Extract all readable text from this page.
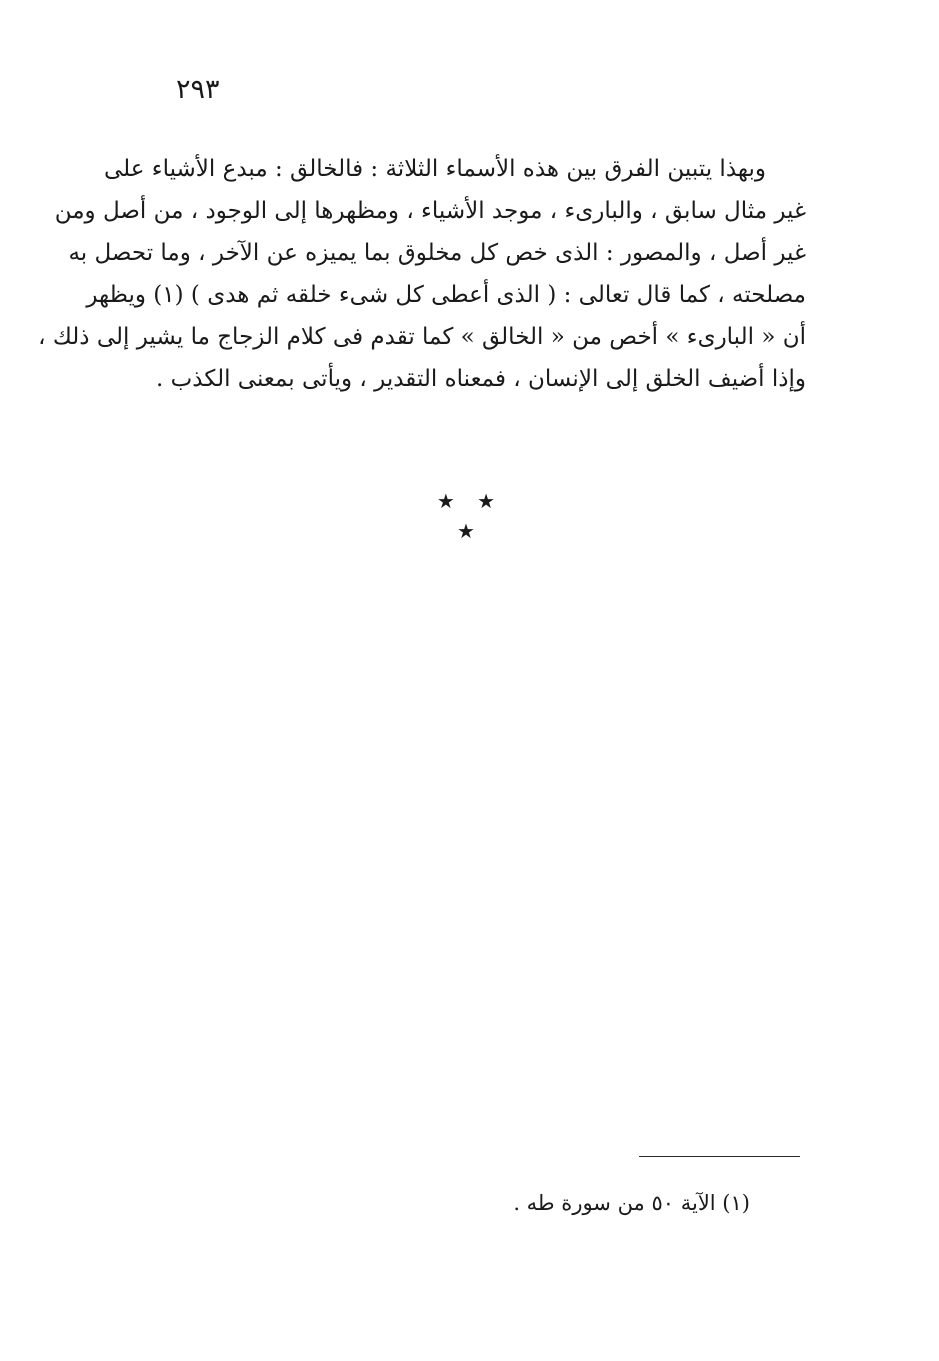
٢٩٣
وبهذا يتبين الفرق بين هذه الأسماء الثلاثة : فالخالق : مبدع الأشياء على
غير مثال سابق ، والبارىء ، موجد الأشياء ، ومظهرها إلى الوجود ، من أصل ومن
غير أصل ، والمصور : الذى خص كل مخلوق بما يميزه عن الآخر ، وما تحصل به
مصلحته ، كما قال تعالى : ( الذى أعطى كل شىء خلقه ثم هدى ) (١) ويظهر
أن « البارىء » أخص من « الخالق » كما تقدم فى كلام الزجاج ما يشير إلى ذلك ،
وإذا أضيف الخلق إلى الإنسان ، فمعناه التقدير ، ويأتى بمعنى الكذب .
★ ★ ★
(١) الآية ٥٠ من سورة طه .
